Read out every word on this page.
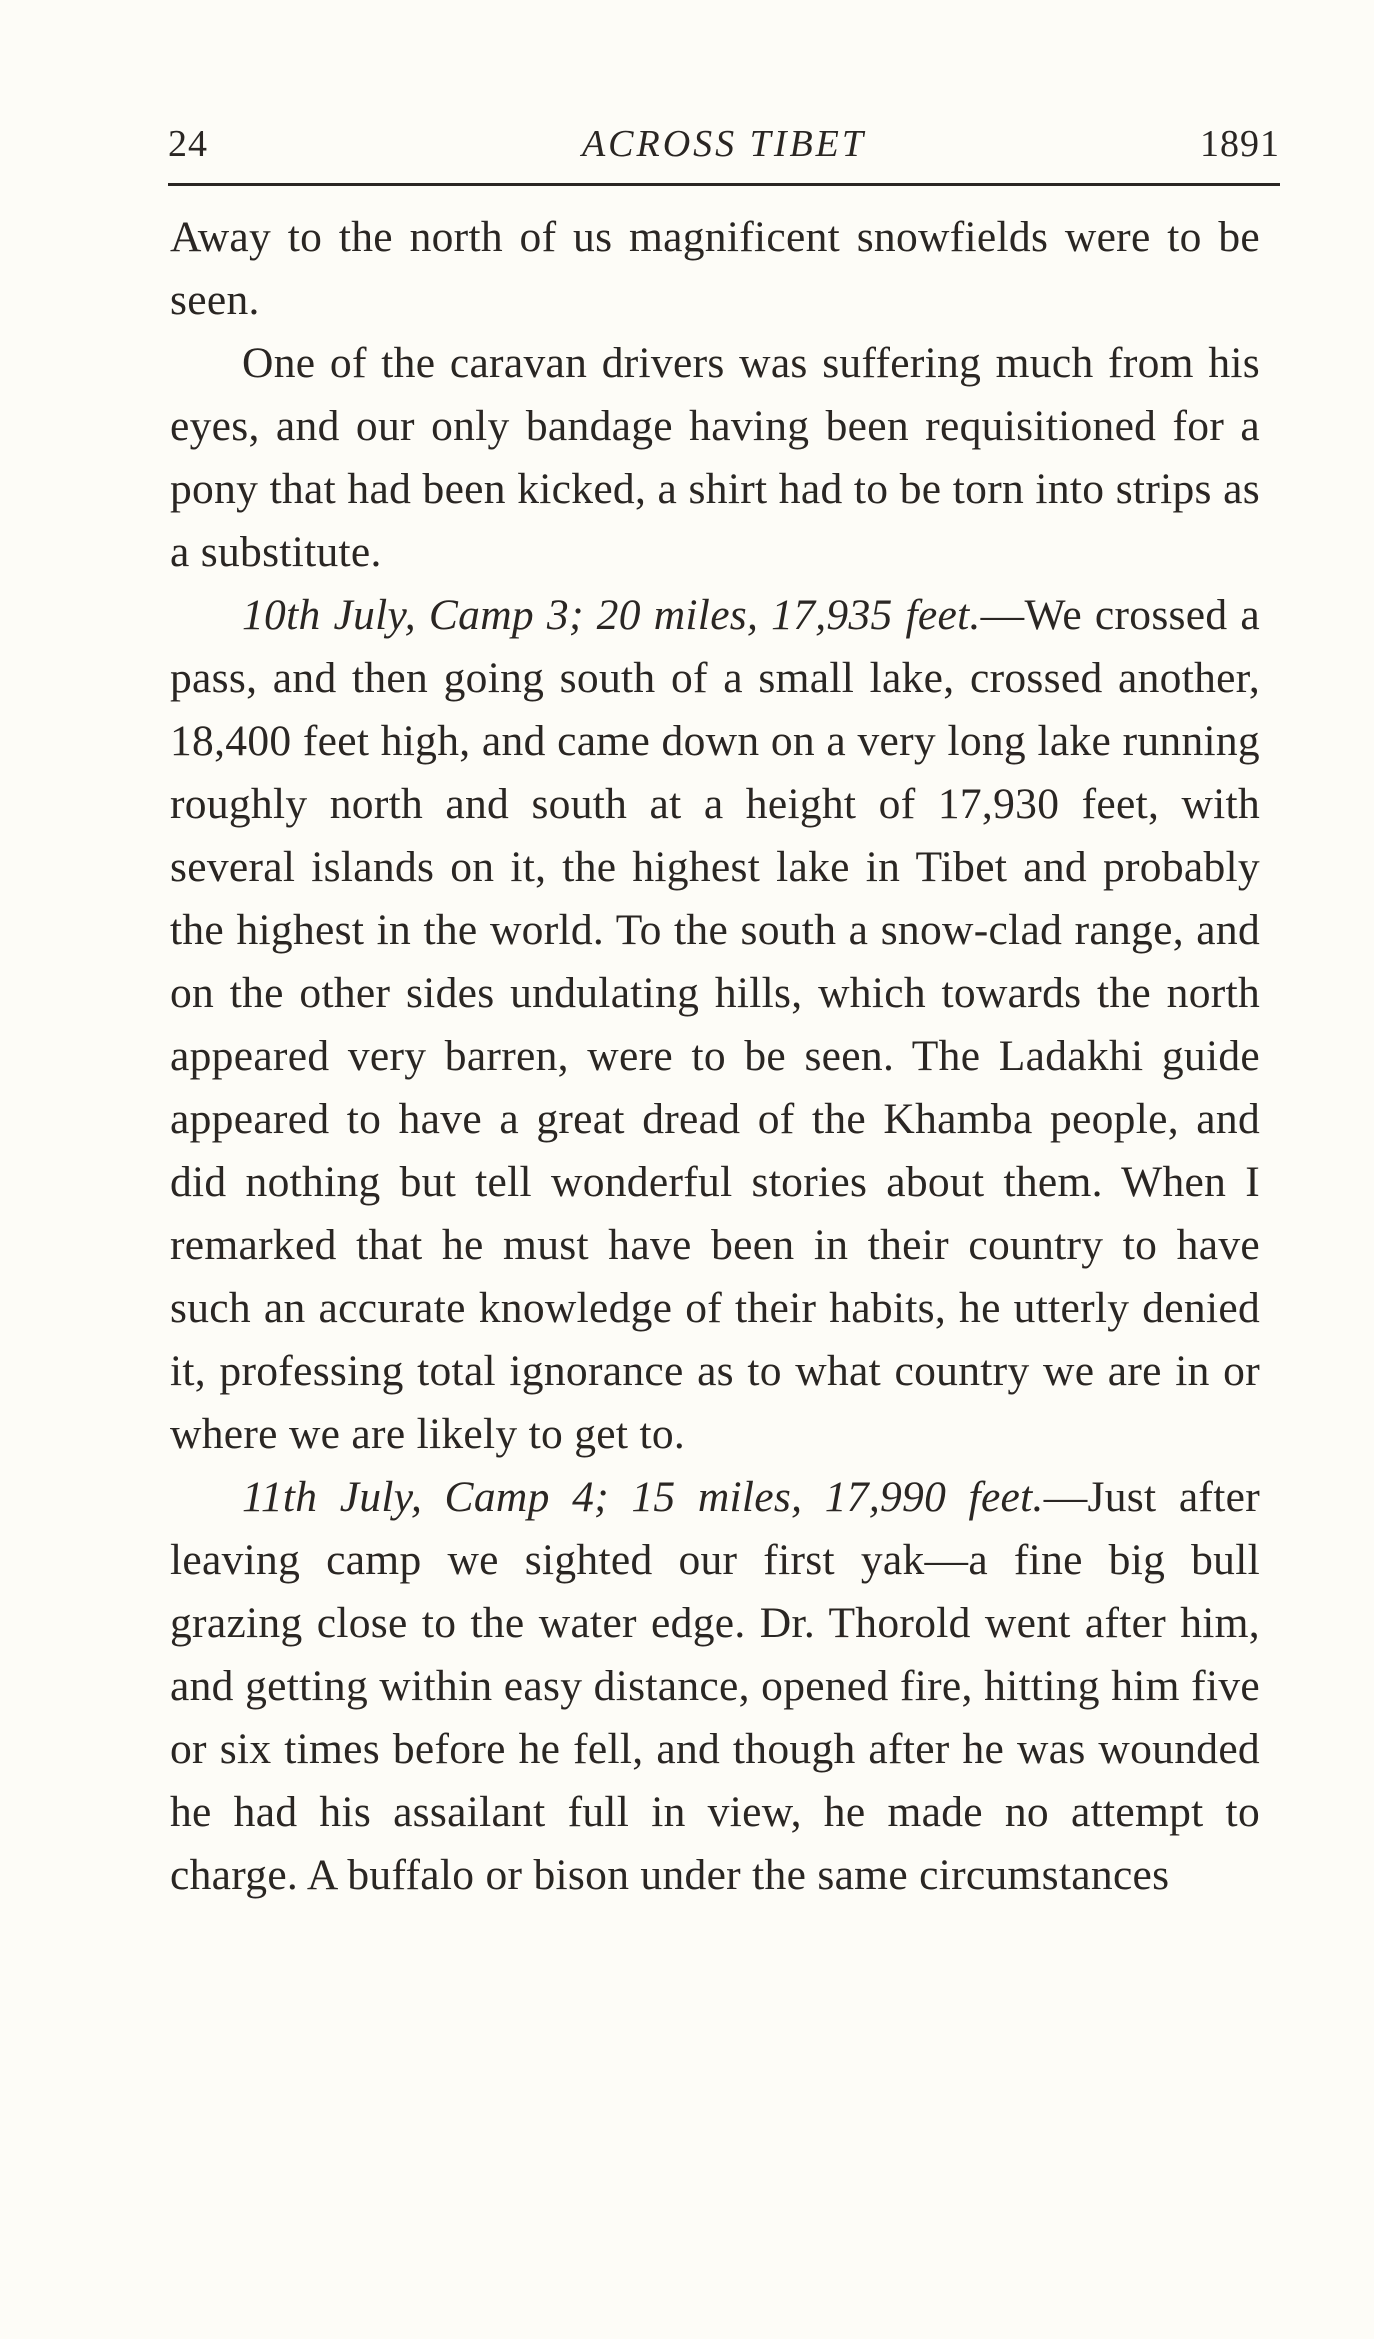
24	ACROSS TIBET	1891

Away to the north of us magnificent snowfields were to be seen.

One of the caravan drivers was suffering much from his eyes, and our only bandage having been requisitioned for a pony that had been kicked, a shirt had to be torn into strips as a substitute.

10th July, Camp 3; 20 miles, 17,935 feet.—We crossed a pass, and then going south of a small lake, crossed another, 18,400 feet high, and came down on a very long lake running roughly north and south at a height of 17,930 feet, with several islands on it, the highest lake in Tibet and probably the highest in the world. To the south a snow-clad range, and on the other sides undulating hills, which towards the north appeared very barren, were to be seen. The Ladakhi guide appeared to have a great dread of the Khamba people, and did nothing but tell wonderful stories about them. When I remarked that he must have been in their country to have such an accurate knowledge of their habits, he utterly denied it, professing total ignorance as to what country we are in or where we are likely to get to.

11th July, Camp 4; 15 miles, 17,990 feet.—Just after leaving camp we sighted our first yak—a fine big bull grazing close to the water edge. Dr. Thorold went after him, and getting within easy distance, opened fire, hitting him five or six times before he fell, and though after he was wounded he had his assailant full in view, he made no attempt to charge. A buffalo or bison under the same circumstances
